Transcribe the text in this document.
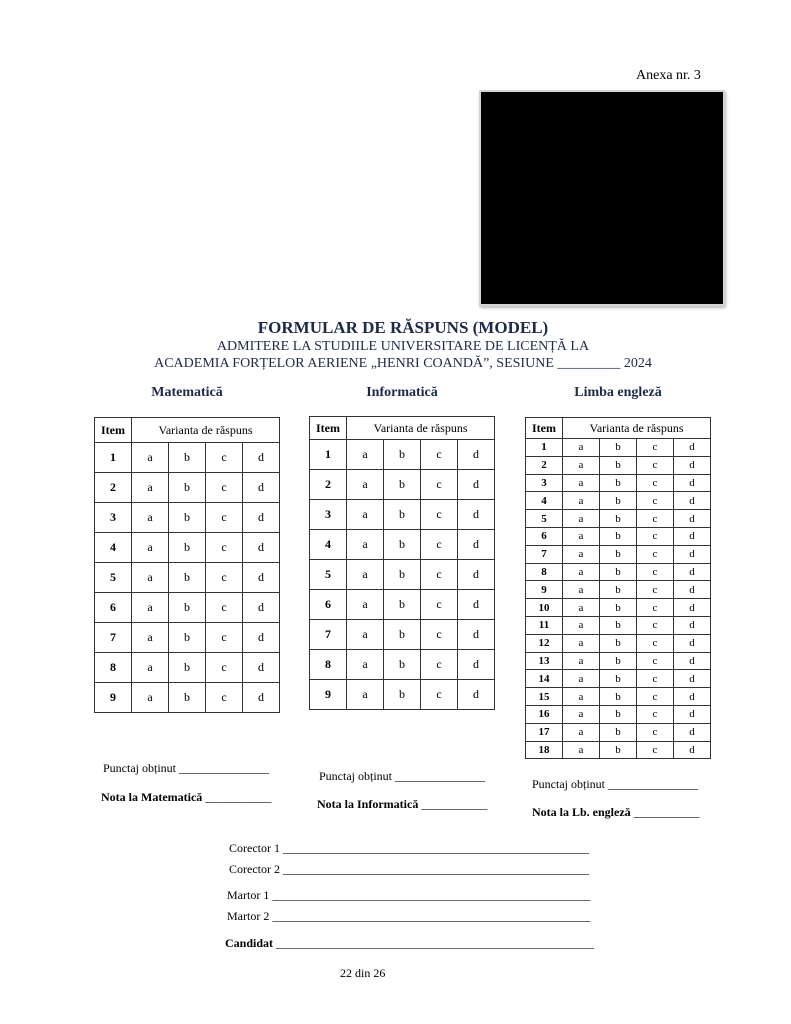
Anexa nr. 3
FORMULAR DE RĂSPUNS (MODEL)
ADMITERE LA STUDIILE UNIVERSITARE DE LICENȚĂ LA
ACADEMIA FORȚELOR AERIENE „HENRI COANDĂ”, SESIUNE _________ 2024
Matematică	Informatică	Limba engleză
Item	Varianta de răspuns			
1	a	b	c	d
2	a	b	c	d
3	a	b	c	d
4	a	b	c	d
5	a	b	c	d
6	a	b	c	d
7	a	b	c	d
8	a	b	c	d
9	a	b	c	d
Item	Varianta de răspuns			
1	a	b	c	d
2	a	b	c	d
3	a	b	c	d
4	a	b	c	d
5	a	b	c	d
6	a	b	c	d
7	a	b	c	d
8	a	b	c	d
9	a	b	c	d
Item	Varianta de răspuns			
1	a	b	c	d
2	a	b	c	d
3	a	b	c	d
4	a	b	c	d
5	a	b	c	d
6	a	b	c	d
7	a	b	c	d
8	a	b	c	d
9	a	b	c	d
10	a	b	c	d
11	a	b	c	d
12	a	b	c	d
13	a	b	c	d
14	a	b	c	d
15	a	b	c	d
16	a	b	c	d
17	a	b	c	d
18	a	b	c	d
Punctaj obținut _______________
Nota la Matematică ___________
Punctaj obținut _______________
Nota la Informatică ___________
Punctaj obținut _______________
Nota la Lb. engleză ___________
Corector 1 ___________________________________________________
Corector 2 ___________________________________________________
Martor 1 _____________________________________________________
Martor 2 _____________________________________________________
Candidat _____________________________________________________
22 din 26
